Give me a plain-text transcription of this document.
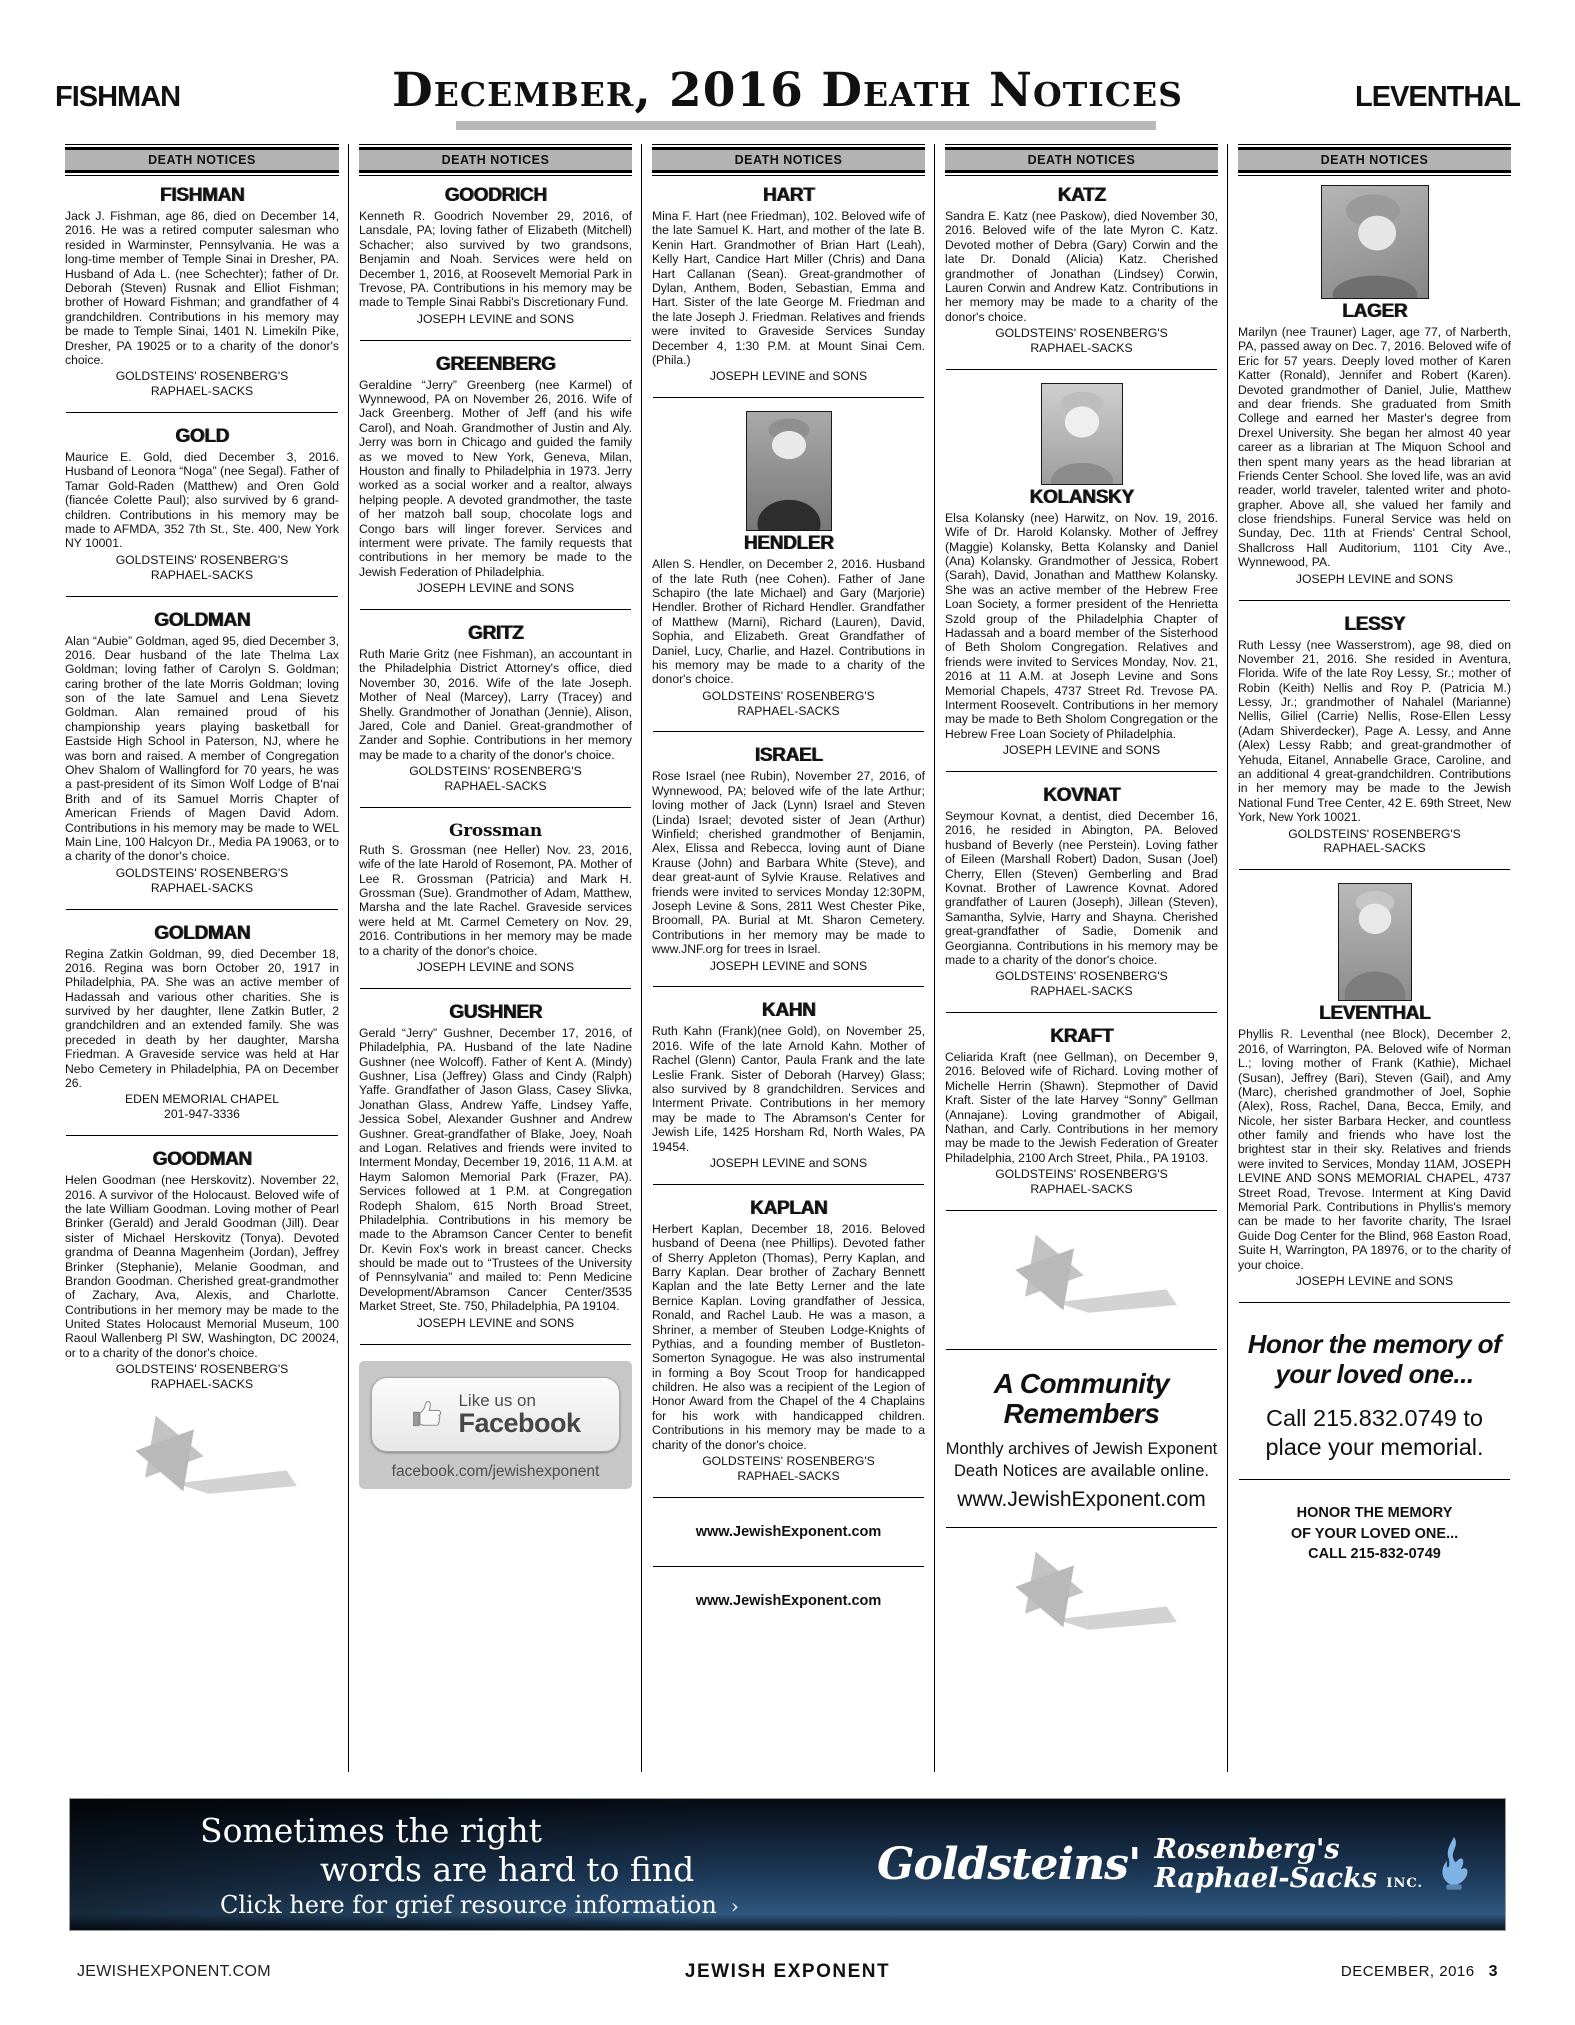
FISHMAN	December, 2016 Death Notices	LEVENTHAL
DEATH NOTICES
FISHMAN
Jack J. Fishman, age 86, died on December 14, 2016. He was a retired computer salesman who resided in Warminster, Pennsylvania. He was a long-time member of Temple Sinai in Dresher, PA. Husband of Ada L. (nee Schechter); father of Dr. Deborah (Steven) Rusnak and Elliot Fishman; brother of Howard Fishman; and grandfather of 4 grandchildren. Contributions in his memory may be made to Temple Sinai, 1401 N. Limekiln Pike, Dresher, PA 19025 or to a charity of the donor's choice.
GOLDSTEINS' ROSENBERG'S
RAPHAEL-SACKS
GOLD
Maurice E. Gold, died December 3, 2016. Husband of Leonora “Noga” (nee Segal). Father of Tamar Gold-Raden (Matthew) and Oren Gold (fiancée Colette Paul); also survived by 6 grand-children. Contributions in his memory may be made to AFMDA, 352 7th St., Ste. 400, New York NY 10001.
GOLDSTEINS' ROSENBERG'S
RAPHAEL-SACKS
GOLDMAN
Alan “Aubie” Goldman, aged 95, died December 3, 2016. Dear husband of the late Thelma Lax Goldman; loving father of Carolyn S. Goldman; caring brother of the late Morris Goldman; loving son of the late Samuel and Lena Sievetz Goldman. Alan remained proud of his championship years playing basketball for Eastside High School in Paterson, NJ, where he was born and raised. A member of Congregation Ohev Shalom of Wallingford for 70 years, he was a past-president of its Simon Wolf Lodge of B'nai Brith and of its Samuel Morris Chapter of American Friends of Magen David Adom. Contributions in his memory may be made to WEL Main Line, 100 Halcyon Dr., Media PA 19063, or to a charity of the donor's choice.
GOLDSTEINS' ROSENBERG'S
RAPHAEL-SACKS
GOLDMAN
Regina Zatkin Goldman, 99, died December 18, 2016. Regina was born October 20, 1917 in Philadelphia, PA. She was an active member of Hadassah and various other charities. She is survived by her daughter, Ilene Zatkin Butler, 2 grandchildren and an extended family. She was preceded in death by her daughter, Marsha Friedman. A Graveside service was held at Har Nebo Cemetery in Philadelphia, PA on December 26.
EDEN MEMORIAL CHAPEL
201-947-3336
GOODMAN
Helen Goodman (nee Herskovitz). November 22, 2016. A survivor of the Holocaust. Beloved wife of the late William Goodman. Loving mother of Pearl Brinker (Gerald) and Jerald Goodman (Jill). Dear sister of Michael Herskovitz (Tonya). Devoted grandma of Deanna Magenheim (Jordan), Jeffrey Brinker (Stephanie), Melanie Goodman, and Brandon Goodman. Cherished great-grandmother of Zachary, Ava, Alexis, and Charlotte. Contributions in her memory may be made to the United States Holocaust Memorial Museum, 100 Raoul Wallenberg Pl SW, Washington, DC 20024, or to a charity of the donor's choice.
GOLDSTEINS' ROSENBERG'S
RAPHAEL-SACKS
DEATH NOTICES
GOODRICH
Kenneth R. Goodrich November 29, 2016, of Lansdale, PA; loving father of Elizabeth (Mitchell) Schacher; also survived by two grandsons, Benjamin and Noah. Services were held on December 1, 2016, at Roosevelt Memorial Park in Trevose, PA. Contributions in his memory may be made to Temple Sinai Rabbi's Discretionary Fund.
JOSEPH LEVINE and SONS
GREENBERG
Geraldine “Jerry” Greenberg (nee Karmel) of Wynnewood, PA on November 26, 2016. Wife of Jack Greenberg. Mother of Jeff (and his wife Carol), and Noah. Grandmother of Justin and Aly. Jerry was born in Chicago and guided the family as we moved to New York, Geneva, Milan, Houston and finally to Philadelphia in 1973. Jerry worked as a social worker and a realtor, always helping people. A devoted grandmother, the taste of her matzoh ball soup, chocolate logs and Congo bars will linger forever. Services and interment were private. The family requests that contributions in her memory be made to the Jewish Federation of Philadelphia.
JOSEPH LEVINE and SONS
GRITZ
Ruth Marie Gritz (nee Fishman), an accountant in the Philadelphia District Attorney's office, died November 30, 2016. Wife of the late Joseph. Mother of Neal (Marcey), Larry (Tracey) and Shelly. Grandmother of Jonathan (Jennie), Alison, Jared, Cole and Daniel. Great-grandmother of Zander and Sophie. Contributions in her memory may be made to a charity of the donor's choice.
GOLDSTEINS' ROSENBERG'S
RAPHAEL-SACKS
Grossman
Ruth S. Grossman (nee Heller) Nov. 23, 2016, wife of the late Harold of Rosemont, PA. Mother of Lee R. Grossman (Patricia) and Mark H. Grossman (Sue). Grandmother of Adam, Matthew, Marsha and the late Rachel. Graveside services were held at Mt. Carmel Cemetery on Nov. 29, 2016. Contributions in her memory may be made to a charity of the donor's choice.
JOSEPH LEVINE and SONS
GUSHNER
Gerald “Jerry” Gushner, December 17, 2016, of Philadelphia, PA. Husband of the late Nadine Gushner (nee Wolcoff). Father of Kent A. (Mindy) Gushner, Lisa (Jeffrey) Glass and Cindy (Ralph) Yaffe. Grandfather of Jason Glass, Casey Slivka, Jonathan Glass, Andrew Yaffe, Lindsey Yaffe, Jessica Sobel, Alexander Gushner and Andrew Gushner. Great-grandfather of Blake, Joey, Noah and Logan. Relatives and friends were invited to Interment Monday, December 19, 2016, 11 A.M. at Haym Salomon Memorial Park (Frazer, PA). Services followed at 1 P.M. at Congregation Rodeph Shalom, 615 North Broad Street, Philadelphia. Contributions in his memory be made to the Abramson Cancer Center to benefit Dr. Kevin Fox's work in breast cancer. Checks should be made out to “Trustees of the University of Pennsylvania” and mailed to: Penn Medicine Development/Abramson Cancer Center/3535 Market Street, Ste. 750, Philadelphia, PA 19104.
JOSEPH LEVINE and SONS
Like us on
Facebook
facebook.com/jewishexponent
DEATH NOTICES
HART
Mina F. Hart (nee Friedman), 102. Beloved wife of the late Samuel K. Hart, and mother of the late B. Kenin Hart. Grandmother of Brian Hart (Leah), Kelly Hart, Candice Hart Miller (Chris) and Dana Hart Callanan (Sean). Great-grandmother of Dylan, Anthem, Boden, Sebastian, Emma and Hart. Sister of the late George M. Friedman and the late Joseph J. Friedman. Relatives and friends were invited to Graveside Services Sunday December 4, 1:30 P.M. at Mount Sinai Cem. (Phila.)
JOSEPH LEVINE and SONS
HENDLER
Allen S. Hendler, on December 2, 2016. Husband of the late Ruth (nee Cohen). Father of Jane Schapiro (the late Michael) and Gary (Marjorie) Hendler. Brother of Richard Hendler. Grandfather of Matthew (Marni), Richard (Lauren), David, Sophia, and Elizabeth. Great Grandfather of Daniel, Lucy, Charlie, and Hazel. Contributions in his memory may be made to a charity of the donor's choice.
GOLDSTEINS' ROSENBERG'S
RAPHAEL-SACKS
ISRAEL
Rose Israel (nee Rubin), November 27, 2016, of Wynnewood, PA; beloved wife of the late Arthur; loving mother of Jack (Lynn) Israel and Steven (Linda) Israel; devoted sister of Jean (Arthur) Winfield; cherished grandmother of Benjamin, Alex, Elissa and Rebecca, loving aunt of Diane Krause (John) and Barbara White (Steve), and dear great-aunt of Sylvie Krause. Relatives and friends were invited to services Monday 12:30PM, Joseph Levine & Sons, 2811 West Chester Pike, Broomall, PA. Burial at Mt. Sharon Cemetery. Contributions in her memory may be made to www.JNF.org for trees in Israel.
JOSEPH LEVINE and SONS
KAHN
Ruth Kahn (Frank)(nee Gold), on November 25, 2016. Wife of the late Arnold Kahn. Mother of Rachel (Glenn) Cantor, Paula Frank and the late Leslie Frank. Sister of Deborah (Harvey) Glass; also survived by 8 grandchildren. Services and Interment Private. Contributions in her memory may be made to The Abramson's Center for Jewish Life, 1425 Horsham Rd, North Wales, PA 19454.
JOSEPH LEVINE and SONS
KAPLAN
Herbert Kaplan, December 18, 2016. Beloved husband of Deena (nee Phillips). Devoted father of Sherry Appleton (Thomas), Perry Kaplan, and Barry Kaplan. Dear brother of Zachary Bennett Kaplan and the late Betty Lerner and the late Bernice Kaplan. Loving grandfather of Jessica, Ronald, and Rachel Laub. He was a mason, a Shriner, a member of Steuben Lodge-Knights of Pythias, and a founding member of Bustleton-Somerton Synagogue. He was also instrumental in forming a Boy Scout Troop for handicapped children. He also was a recipient of the Legion of Honor Award from the Chapel of the 4 Chaplains for his work with handicapped children. Contributions in his memory may be made to a charity of the donor's choice.
GOLDSTEINS' ROSENBERG'S
RAPHAEL-SACKS
www.JewishExponent.com
www.JewishExponent.com
DEATH NOTICES
KATZ
Sandra E. Katz (nee Paskow), died November 30, 2016. Beloved wife of the late Myron C. Katz. Devoted mother of Debra (Gary) Corwin and the late Dr. Donald (Alicia) Katz. Cherished grandmother of Jonathan (Lindsey) Corwin, Lauren Corwin and Andrew Katz. Contributions in her memory may be made to a charity of the donor's choice.
GOLDSTEINS' ROSENBERG'S
RAPHAEL-SACKS
KOLANSKY
Elsa Kolansky (nee) Harwitz, on Nov. 19, 2016. Wife of Dr. Harold Kolansky. Mother of Jeffrey (Maggie) Kolansky, Betta Kolansky and Daniel (Ana) Kolansky. Grandmother of Jessica, Robert (Sarah), David, Jonathan and Matthew Kolansky. She was an active member of the Hebrew Free Loan Society, a former president of the Henrietta Szold group of the Philadelphia Chapter of Hadassah and a board member of the Sisterhood of Beth Sholom Congregation. Relatives and friends were invited to Services Monday, Nov. 21, 2016 at 11 A.M. at Joseph Levine and Sons Memorial Chapels, 4737 Street Rd. Trevose PA. Interment Roosevelt. Contributions in her memory may be made to Beth Sholom Congregation or the Hebrew Free Loan Society of Philadelphia.
JOSEPH LEVINE and SONS
KOVNAT
Seymour Kovnat, a dentist, died December 16, 2016, he resided in Abington, PA. Beloved husband of Beverly (nee Perstein). Loving father of Eileen (Marshall Robert) Dadon, Susan (Joel) Cherry, Ellen (Steven) Gemberling and Brad Kovnat. Brother of Lawrence Kovnat. Adored grandfather of Lauren (Joseph), Jillean (Steven), Samantha, Sylvie, Harry and Shayna. Cherished great-grandfather of Sadie, Domenik and Georgianna. Contributions in his memory may be made to a charity of the donor's choice.
GOLDSTEINS' ROSENBERG'S
RAPHAEL-SACKS
KRAFT
Celiarida Kraft (nee Gellman), on December 9, 2016. Beloved wife of Richard. Loving mother of Michelle Herrin (Shawn). Stepmother of David Kraft. Sister of the late Harvey “Sonny” Gellman (Annajane). Loving grandmother of Abigail, Nathan, and Carly. Contributions in her memory may be made to the Jewish Federation of Greater Philadelphia, 2100 Arch Street, Phila., PA 19103.
GOLDSTEINS' ROSENBERG'S
RAPHAEL-SACKS
A Community
Remembers
Monthly archives of Jewish Exponent Death Notices are available online.
www.JewishExponent.com
DEATH NOTICES
LAGER
Marilyn (nee Trauner) Lager, age 77, of Narberth, PA, passed away on Dec. 7, 2016. Beloved wife of Eric for 57 years. Deeply loved mother of Karen Katter (Ronald), Jennifer and Robert (Karen). Devoted grandmother of Daniel, Julie, Matthew and dear friends. She graduated from Smith College and earned her Master's degree from Drexel University. She began her almost 40 year career as a librarian at The Miquon School and then spent many years as the head librarian at Friends Center School. She loved life, was an avid reader, world traveler, talented writer and photo-grapher. Above all, she valued her family and close friendships. Funeral Service was held on Sunday, Dec. 11th at Friends' Central School, Shallcross Hall Auditorium, 1101 City Ave., Wynnewood, PA.
JOSEPH LEVINE and SONS
LESSY
Ruth Lessy (nee Wasserstrom), age 98, died on November 21, 2016. She resided in Aventura, Florida. Wife of the late Roy Lessy, Sr.; mother of Robin (Keith) Nellis and Roy P. (Patricia M.) Lessy, Jr.; grandmother of Nahalel (Marianne) Nellis, Giliel (Carrie) Nellis, Rose-Ellen Lessy (Adam Shiverdecker), Page A. Lessy, and Anne (Alex) Lessy Rabb; and great-grandmother of Yehuda, Eitanel, Annabelle Grace, Caroline, and an additional 4 great-grandchildren. Contributions in her memory may be made to the Jewish National Fund Tree Center, 42 E. 69th Street, New York, New York 10021.
GOLDSTEINS' ROSENBERG'S
RAPHAEL-SACKS
LEVENTHAL
Phyllis R. Leventhal (nee Block), December 2, 2016, of Warrington, PA. Beloved wife of Norman L.; loving mother of Frank (Kathie), Michael (Susan), Jeffrey (Bari), Steven (Gail), and Amy (Marc), cherished grandmother of Joel, Sophie (Alex), Ross, Rachel, Dana, Becca, Emily, and Nicole, her sister Barbara Hecker, and countless other family and friends who have lost the brightest star in their sky. Relatives and friends were invited to Services, Monday 11AM, JOSEPH LEVINE AND SONS MEMORIAL CHAPEL, 4737 Street Road, Trevose. Interment at King David Memorial Park. Contributions in Phyllis's memory can be made to her favorite charity, The Israel Guide Dog Center for the Blind, 968 Easton Road, Suite H, Warrington, PA 18976, or to the charity of your choice.
JOSEPH LEVINE and SONS
Honor the memory of your loved one...
Call 215.832.0749 to place your memorial.
HONOR THE MEMORY
OF YOUR LOVED ONE...
CALL 215-832-0749
Sometimes the right
words are hard to find
Click here for grief resource information ›
Goldsteins' Rosenberg's
Raphael-Sacks INC.
JEWISHEXPONENT.COM	JEWISH EXPONENT	DECEMBER, 2016 3
